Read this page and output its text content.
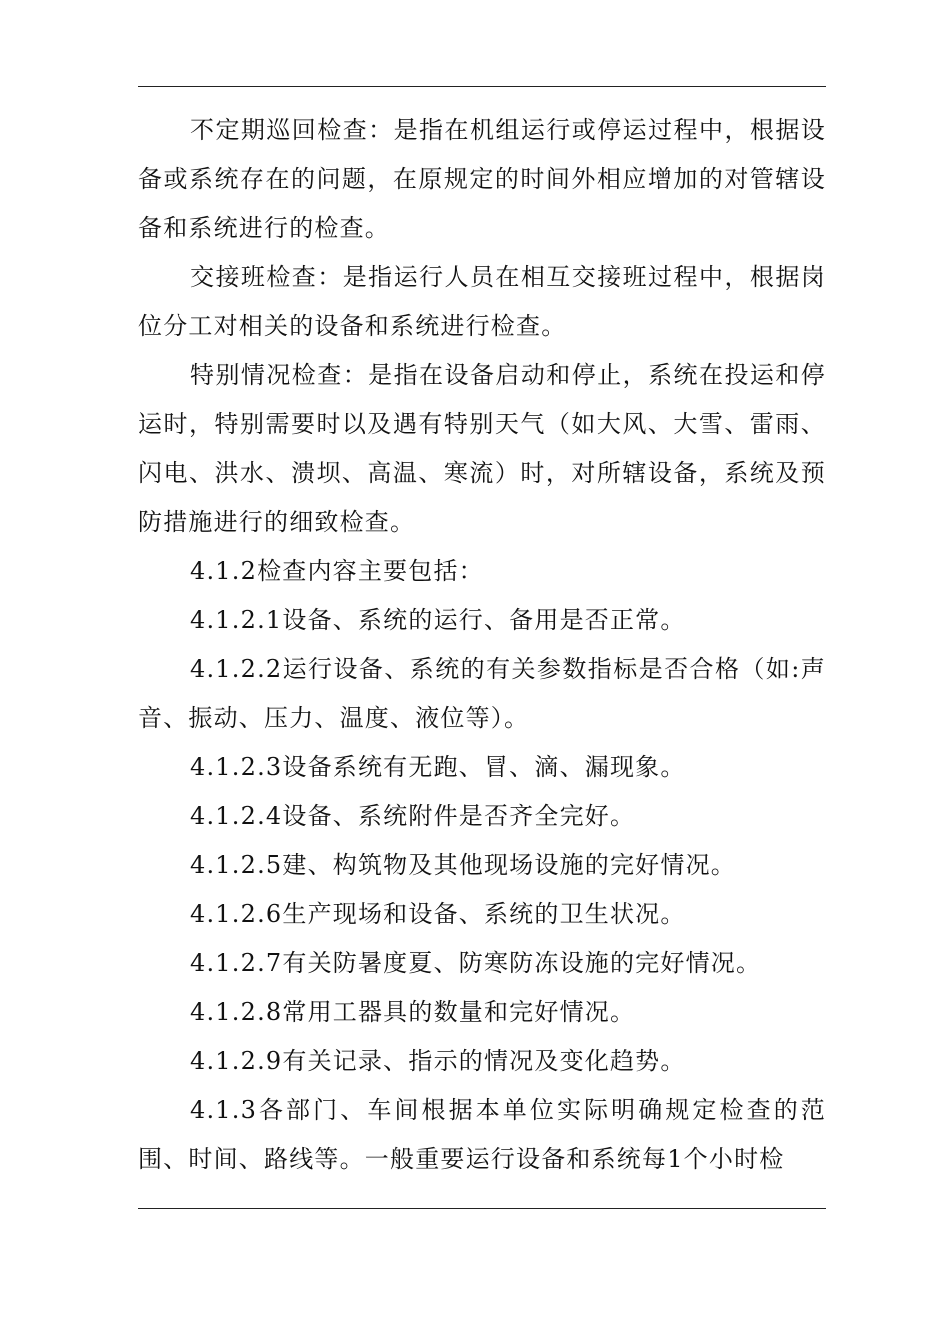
不定期巡回检查：是指在机组运行或停运过程中，根据设备或系统存在的问题，在原规定的时间外相应增加的对管辖设备和系统进行的检查。

交接班检查：是指运行人员在相互交接班过程中，根据岗位分工对相关的设备和系统进行检查。

特别情况检查：是指在设备启动和停止，系统在投运和停运时，特别需要时以及遇有特别天气（如大风、大雪、雷雨、闪电、洪水、溃坝、高温、寒流）时，对所辖设备，系统及预防措施进行的细致检查。

4.1.2检查内容主要包括：

4.1.2.1设备、系统的运行、备用是否正常。

4.1.2.2运行设备、系统的有关参数指标是否合格（如:声音、振动、压力、温度、液位等）。

4.1.2.3设备系统有无跑、冒、滴、漏现象。

4.1.2.4设备、系统附件是否齐全完好。

4.1.2.5建、构筑物及其他现场设施的完好情况。

4.1.2.6生产现场和设备、系统的卫生状况。

4.1.2.7有关防暑度夏、防寒防冻设施的完好情况。

4.1.2.8常用工器具的数量和完好情况。

4.1.2.9有关记录、指示的情况及变化趋势。

4.1.3各部门、车间根据本单位实际明确规定检查的范围、时间、路线等。一般重要运行设备和系统每1个小时检
